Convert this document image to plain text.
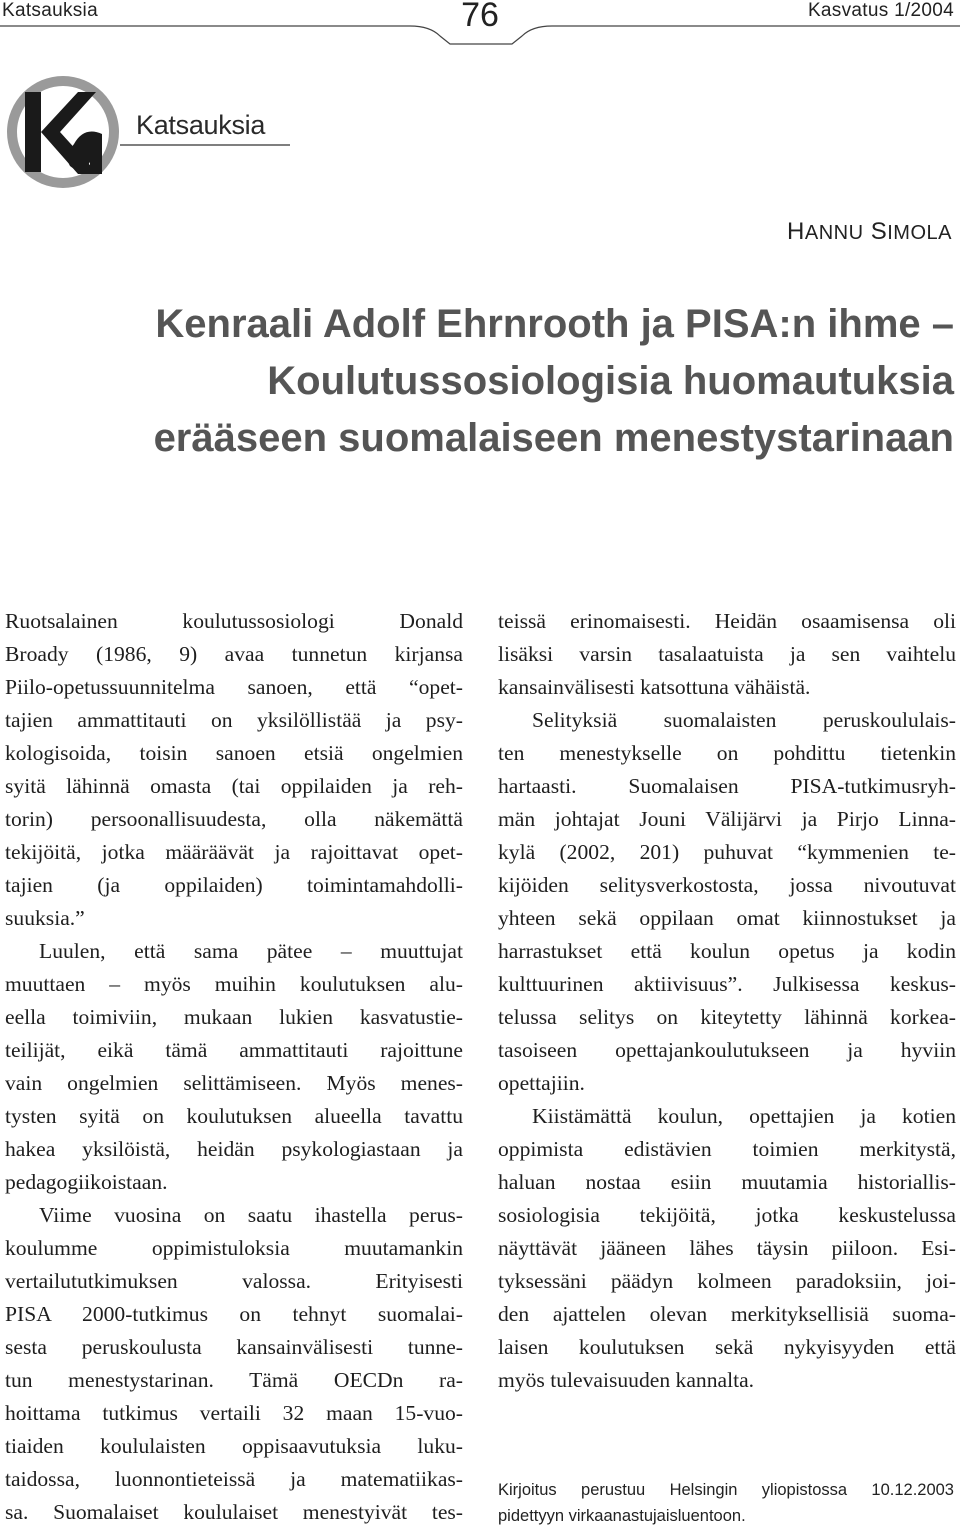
Katsauksia	76	Kasvatus 1/2004
Katsauksia
HANNU SIMOLA
Kenraali Adolf Ehrnrooth ja PISA:n ihme –
Koulutussosiologisia huomautuksia
erääseen suomalaiseen menestystarinaan
Ruotsalainen koulutussosiologi Donald
Broady (1986, 9) avaa tunnetun kirjansa
Piilo-opetussuunnitelma sanoen, että “opet-
tajien ammattitauti on yksilöllistää ja psy-
kologisoida, toisin sanoen etsiä ongelmien
syitä lähinnä omasta (tai oppilaiden ja reh-
torin) persoonallisuudesta, olla näkemättä
tekijöitä, jotka määräävät ja rajoittavat opet-
tajien (ja oppilaiden) toimintamahdolli-
suuksia.”
Luulen, että sama pätee – muuttujat
muuttaen – myös muihin koulutuksen alu-
eella toimiviin, mukaan lukien kasvatustie-
teilijät, eikä tämä ammattitauti rajoittune
vain ongelmien selittämiseen. Myös menes-
tysten syitä on koulutuksen alueella tavattu
hakea yksilöistä, heidän psykologiastaan ja
pedagogiikoistaan.
Viime vuosina on saatu ihastella perus-
koulumme oppimistuloksia muutamankin
vertailututkimuksen valossa. Erityisesti
PISA 2000-tutkimus on tehnyt suomalai-
sesta peruskoulusta kansainvälisesti tunne-
tun menestystarinan. Tämä OECDn ra-
hoittama tutkimus vertaili 32 maan 15-vuo-
tiaiden koululaisten oppisaavutuksia luku-
taidossa, luonnontieteissä ja matematiikas-
sa. Suomalaiset koululaiset menestyivät tes-
teissä erinomaisesti. Heidän osaamisensa oli
lisäksi varsin tasalaatuista ja sen vaihtelu
kansainvälisesti katsottuna vähäistä.
Selityksiä suomalaisten peruskoululais-
ten menestykselle on pohdittu tietenkin
hartaasti. Suomalaisen PISA-tutkimusryh-
män johtajat Jouni Välijärvi ja Pirjo Linna-
kylä (2002, 201) puhuvat “kymmenien te-
kijöiden selitysverkostosta, jossa nivoutuvat
yhteen sekä oppilaan omat kiinnostukset ja
harrastukset että koulun opetus ja kodin
kulttuurinen aktiivisuus”. Julkisessa keskus-
telussa selitys on kiteytetty lähinnä korkea-
tasoiseen opettajankoulutukseen ja hyviin
opettajiin.
Kiistämättä koulun, opettajien ja kotien
oppimista edistävien toimien merkitystä,
haluan nostaa esiin muutamia historiallis-
sosiologisia tekijöitä, jotka keskustelussa
näyttävät jääneen lähes täysin piiloon. Esi-
tyksessäni päädyn kolmeen paradoksiin, joi-
den ajattelen olevan merkityksellisiä suoma-
laisen koulutuksen sekä nykyisyyden että
myös tulevaisuuden kannalta.
Kirjoitus perustuu Helsingin yliopistossa 10.12.2003
pidettyyn virkaanastujaisluentoon.
